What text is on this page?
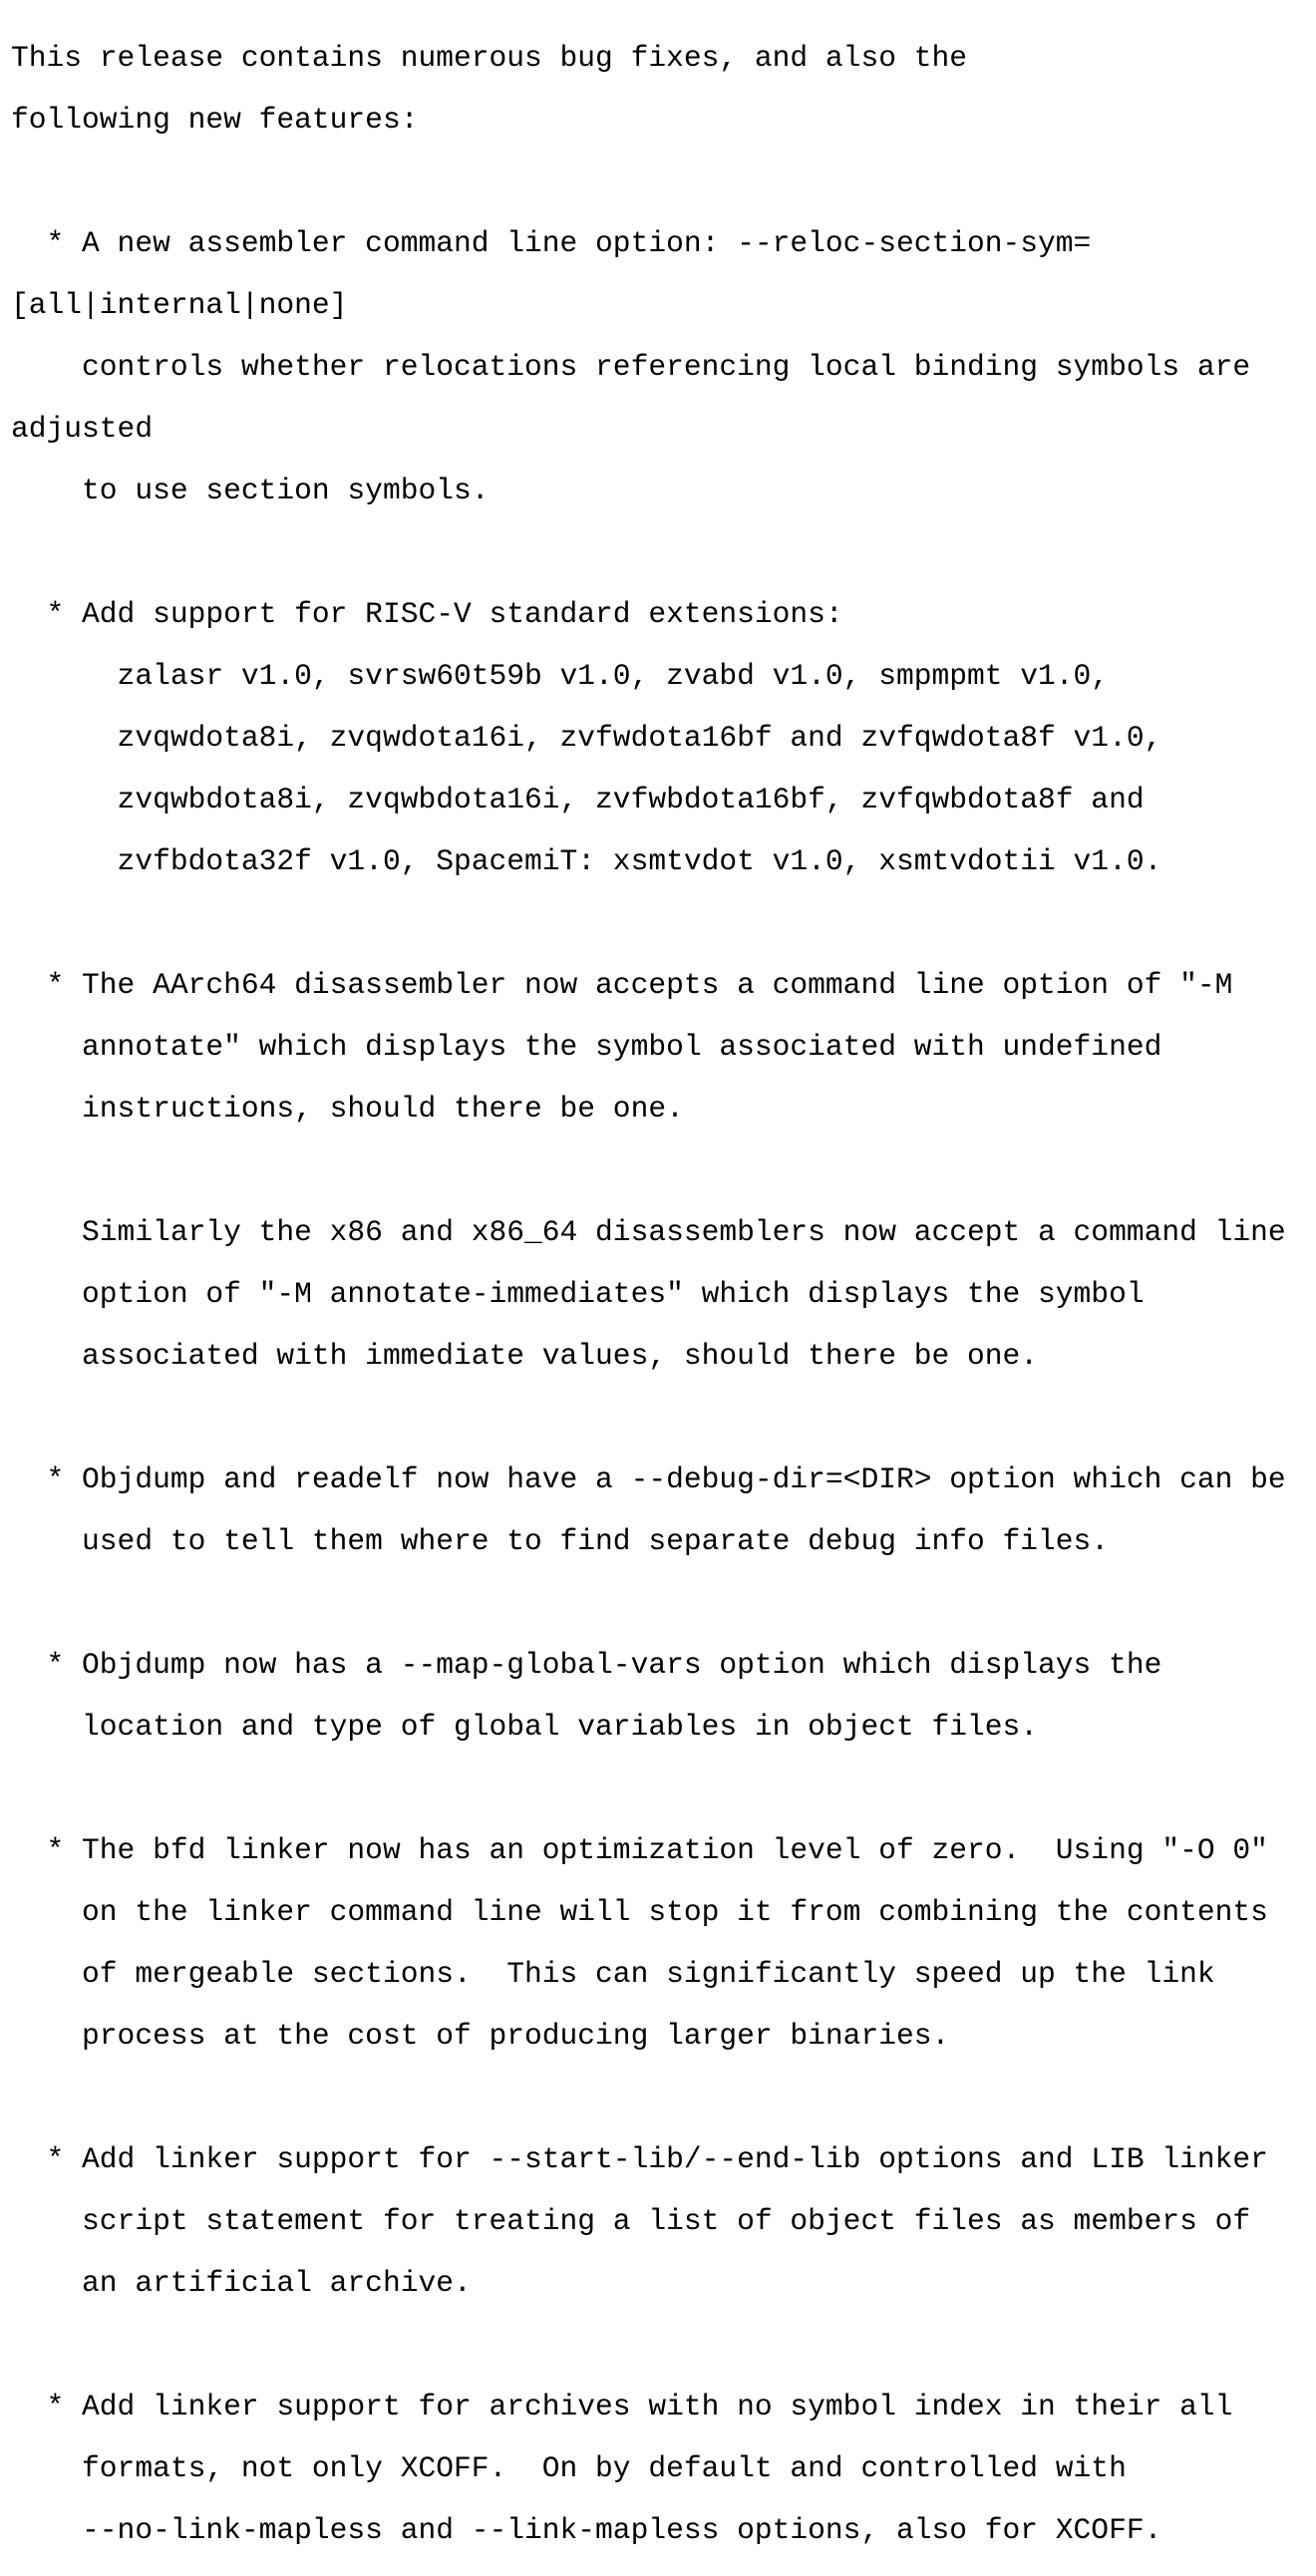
This release contains numerous bug fixes, and also the

following new features:

* A new assembler command line option: --reloc-section-sym=

[all|internal|none]

controls whether relocations referencing local binding symbols are

adjusted

to use section symbols.

* Add support for RISC-V standard extensions:

zalasr v1.0, svrsw60t59b v1.0, zvabd v1.0, smpmpmt v1.0,

zvqwdota8i, zvqwdota16i, zvfwdota16bf and zvfqwdota8f v1.0,

zvqwbdota8i, zvqwbdota16i, zvfwbdota16bf, zvfqwbdota8f and

zvfbdota32f v1.0, SpacemiT: xsmtvdot v1.0, xsmtvdotii v1.0.

* The AArch64 disassembler now accepts a command line option of "-M

annotate" which displays the symbol associated with undefined

instructions, should there be one.

Similarly the x86 and x86_64 disassemblers now accept a command line

option of "-M annotate-immediates" which displays the symbol

associated with immediate values, should there be one.

* Objdump and readelf now have a --debug-dir=<DIR> option which can be

used to tell them where to find separate debug info files.

* Objdump now has a --map-global-vars option which displays the

location and type of global variables in object files.

* The bfd linker now has an optimization level of zero.  Using "-O 0"

on the linker command line will stop it from combining the contents

of mergeable sections.  This can significantly speed up the link

process at the cost of producing larger binaries.

* Add linker support for --start-lib/--end-lib options and LIB linker

script statement for treating a list of object files as members of

an artificial archive.

* Add linker support for archives with no symbol index in their all

formats, not only XCOFF.  On by default and controlled with

--no-link-mapless and --link-mapless options, also for XCOFF.
